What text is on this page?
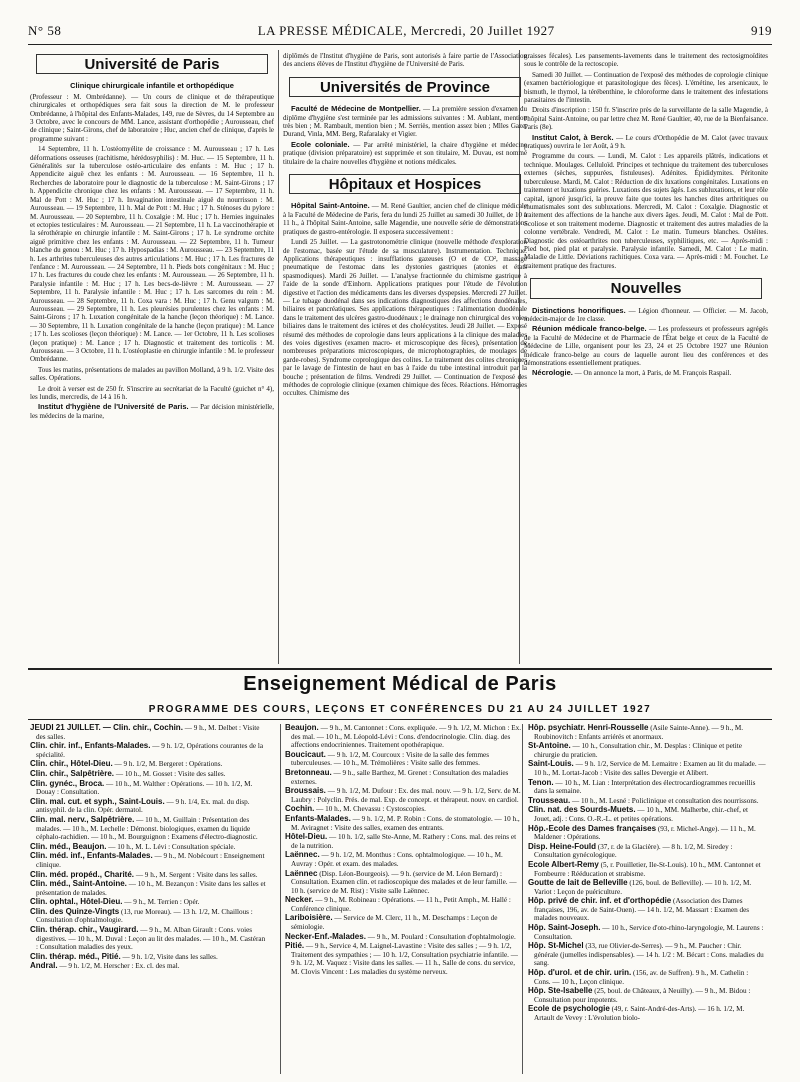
N° 58	LA PRESSE MÉDICALE, Mercredi, 20 Juillet 1927	919
Université de Paris

Clinique chirurgicale infantile et orthopédique

(Professeur : M. Ombrédanne). — Un cours de clinique et de thérapeutique chirurgicales et orthopédiques sera fait sous la direction de M. le professeur Ombrédanne, à l'hôpital des Enfants-Malades, 149, rue de Sèvres, du 14 Septembre au 3 Octobre, avec le concours de MM. Lance, assistant d'orthopédie ; Aurousseau, chef de clinique ; Saint-Girons, chef de laboratoire ; Huc, ancien chef de clinique, d'après le programme suivant :

14 Septembre, 11 h. L'ostéomyélite de croissance : M. Aurousseau ; 17 h. Les déformations osseuses (rachitisme, hérédosyphilis) : M. Huc. — 15 Septembre, 11 h. Généralités sur la tuberculose ostéo-articulaire des enfants : M. Huc ; 17 h. Appendicite aiguë chez les enfants : M. Aurousseau. — 16 Septembre, 11 h. Recherches de laboratoire pour le diagnostic de la tuberculose : M. Saint-Girons ; 17 h. Appendicite chronique chez les enfants : M. Aurousseau. — 17 Septembre, 11 h. Mal de Pott : M. Huc ; 17 h. Invagination intestinale aiguë du nourrisson : M. Aurousseau. — 19 Septembre, 11 h. Mal de Pott : M. Huc ; 17 h. Sténoses du pylore : M. Aurousseau. — 20 Septembre, 11 h. Coxalgie : M. Huc ; 17 h. Hernies inguinales et ectopies testiculaires : M. Aurousseau. — 21 Septembre, 11 h. La vaccinothérapie et la sérothérapie en chirurgie infantile : M. Saint-Girons ; 17 h. Le syndrome orchite aiguë primitive chez les enfants : M. Aurousseau. — 22 Septembre, 11 h. Tumeur blanche du genou : M. Huc ; 17 h. Hypospadias : M. Aurousseau. — 23 Septembre, 11 h. Les arthrites tuberculeuses des autres articulations : M. Huc ; 17 h. Les fractures de l'enfance : M. Aurousseau. — 24 Septembre, 11 h. Pieds bots congénitaux : M. Huc ; 17 h. Les fractures du coude chez les enfants : M. Aurousseau. — 26 Septembre, 11 h. Paralysie infantile : M. Huc ; 17 h. Les becs-de-lièvre : M. Aurousseau. — 27 Septembre, 11 h. Paralysie infantile : M. Huc ; 17 h. Les sarcomes du rein : M. Aurousseau. — 28 Septembre, 11 h. Coxa vara : M. Huc ; 17 h. Genu valgum : M. Aurousseau. — 29 Septembre, 11 h. Les pleurésies purulentes chez les enfants : M. Saint-Girons ; 17 h. Luxation congénitale de la hanche (leçon théorique) : M. Lance. — 30 Septembre, 11 h. Luxation congénitale de la hanche (leçon pratique) : M. Lance ; 17 h. Les scolioses (leçon théorique) : M. Lance. — 1er Octobre, 11 h. Les scolioses (leçon pratique) : M. Lance ; 17 h. Diagnostic et traitement des torticolis : M. Aurousseau. — 3 Octobre, 11 h. L'ostéoplastie en chirurgie infantile : M. le professeur Ombrédanne.

Tous les matins, présentations de malades au pavillon Molland, à 9 h. 1/2. Visite des salles. Opérations.

Le droit à verser est de 250 fr. S'inscrire au secrétariat de la Faculté (guichet n° 4), les lundis, mercredis, de 14 à 16 h.

Institut d'hygiène de l'Université de Paris. — Par décision ministérielle, les médecins de la marine,

diplômés de l'Institut d'hygiène de Paris, sont autorisés à faire partie de l'Association des anciens élèves de l'Institut d'hygiène de l'Université de Paris.

Universités de Province

Faculté de Médecine de Montpellier. — La première session d'examen du diplôme d'hygiène s'est terminée par les admissions suivantes : M. Aublant, mention très bien ; M. Rambault, mention bien ; M. Serriès, mention assez bien ; Mlles Gaze, Durand, Vinla, MM. Berg, Rafaralaky et Vigier.

Ecole coloniale. — Par arrêté ministériel, la chaire d'hygiène et médecine pratique (division préparatoire) est supprimée et son titulaire, M. Duvau, est nommé titulaire de la chaire nouvelles d'hygiène et notions médicales.

Hôpitaux et Hospices

Hôpital Saint-Antoine. — M. René Gaultier, ancien chef de clinique médicale à la Faculté de Médecine de Paris, fera du lundi 25 Juillet au samedi 30 Juillet, de 10 à 11 h., à l'hôpital Saint-Antoine, salle Magendie, une nouvelle série de démonstrations pratiques de gastro-entérologie. Il exposera successivement :

Lundi 25 Juillet. — La gastrotonométrie clinique (nouvelle méthode d'exploration de l'estomac, basée sur l'étude de sa musculature). Instrumentation. Technique. Applications thérapeutiques : insufflations gazeuses (O et de CO², massage pneumatique de l'estomac dans les dystonies gastriques (atonies et états spasmodiques). Mardi 26 Juillet. — L'analyse fractionnée du chimisme gastrique à l'aide de la sonde d'Einhorn. Applications pratiques pour l'étude de l'évolution digestive et l'action des médicaments dans les diverses dyspepsies. Mercredi 27 Juillet. — Le tubage duodénal dans ses indications diagnostiques des affections duodénales, biliaires et pancréatiques. Ses applications thérapeutiques : l'alimentation duodénale dans le traitement des ulcères gastro-duodénaux ; le drainage non chirurgical des voies biliaires dans le traitement des ictères et des cholécystites. Jeudi 28 Juillet. — Exposé résumé des méthodes de coprologie dans leurs applications à la clinique des maladies des voies digestives (examen macro- et microscopique des fèces), présentation de nombreuses préparations microscopiques, de microphotographies, de moulages de garde-robes). Syndrome coprologique des colites. Le traitement des colites chroniques par le lavage de l'intestin de haut en bas à l'aide du tube intestinal introduit par la bouche ; présentation de films. Vendredi 29 Juillet. — Continuation de l'exposé des méthodes de coprologie clinique (examen chimique des fèces. Réactions. Hémorragies occultes. Chimisme des

graisses fécales). Les pansements-lavements dans le traitement des rectosigmoïdites sous le contrôle de la rectoscopie.

Samedi 30 Juillet. — Continuation de l'exposé des méthodes de coprologie clinique (examen bactériologique et parasitologique des fèces). L'émétine, les arsenicaux, le bismuth, le thymol, la térébenthine, le chloroforme dans le traitement des infestations parasitaires de l'intestin.

Droits d'inscription : 150 fr. S'inscrire près de la surveillante de la salle Magendie, à l'hôpital Saint-Antoine, ou par lettre chez M. René Gaultier, 40, rue de la Bienfaisance. Paris (8e).

Institut Calot, à Berck. — Le cours d'Orthopédie de M. Calot (avec travaux pratiques) ouvrira le 1er Août, à 9 h.

Programme du cours. — Lundi, M. Calot : Les appareils plâtrés, indications et technique. Moulages. Celluloïd. Principes et technique du traitement des tuberculoses externes (sèches, suppurées, fistuleuses). Adénites. Épididymites. Péritonite tuberculeuse. Mardi, M. Calot : Réduction de dix luxations congénitales. Luxations en traitement et luxations guéries. Luxations des sujets âgés. Les subluxations, et leur rôle capital, ignoré jusqu'ici, la preuve faite que toutes les hanches dites arthritiques ou rhumatismales sont des subluxations. Mercredi, M. Calot : Coxalgie. Diagnostic et traitement des affections de la hanche aux divers âges. Jeudi, M. Calot : Mal de Pott. Scoliose et son traitement moderne. Diagnostic et traitement des autres maladies de la colonne vertébrale. Vendredi, M. Calot : Le matin. Tumeurs blanches. Ostéites. Diagnostic des ostéoarthrites non tuberculeuses, syphilitiques, etc. — Après-midi : Pied bot, pied plat et paralysie. Paralysie infantile. Samedi, M. Calot : Le matin. Maladie de Little. Déviations rachitiques. Coxa vara. — Après-midi : M. Fouchet. Le traitement pratique des fractures.

Nouvelles

Distinctions honorifiques. — Légion d'honneur. — Officier. — M. Jacob, médecin-major de 1re classe.

Réunion médicale franco-belge. — Les professeurs et professeurs agrégés de la Faculté de Médecine et de Pharmacie de l'État belge et ceux de la Faculté de Médecine de Lille, organisent pour les 23, 24 et 25 Octobre 1927 une Réunion médicale franco-belge au cours de laquelle auront lieu des conférences et des démonstrations essentiellement pratiques.

Nécrologie. — On annonce la mort, à Paris, de M. François Raspail.

Enseignement Médical de Paris
PROGRAMME DES COURS, LEÇONS ET CONFÉRENCES DU 21 AU 24 JUILLET 1927
JEUDI 21 JUILLET. — Clin. chir., Cochin. — 9 h., M. Delbet : Visite des salles.
Clin. chir. inf., Enfants-Malades. — 9 h. 1/2, Opérations courantes de la spécialité.
Clin. chir., Hôtel-Dieu. — 9 h. 1/2, M. Bergeret : Opérations.
Clin. chir., Salpêtrière. — 10 h., M. Gosset : Visite des salles.
Clin. gynéc., Broca. — 10 h., M. Walther : Opérations. — 10 h. 1/2, M. Douay : Consultation.
Clin. mal. cut. et syph., Saint-Louis. — 9 h. 1/4, Ex. mal. du disp. antisyphil. de la clin. Opér. dermatol.
Clin. mal. nerv., Salpêtrière. — 10 h., M. Guillain : Présentation des malades. — 10 h., M. Lechelle : Démonst. biologiques, examen du liquide céphalo-rachidien. — 10 h., M. Bourguignon : Examens d'électro-diagnostic.
Clin. méd., Beaujon. — 10 h., M. L. Lévi : Consultation spéciale.
Clin. méd. inf., Enfants-Malades. — 9 h., M. Nobécourt : Enseignement clinique.
Clin. méd. propéd., Charité. — 9 h., M. Sergent : Visite dans les salles.
Clin. méd., Saint-Antoine. — 10 h., M. Bezançon : Visite dans les salles et présentation de malades.
Clin. ophtal., Hôtel-Dieu. — 9 h., M. Terrien : Opér.
Clin. des Quinze-Vingts (13, rue Moreau). — 13 h. 1/2, M. Chaillous : Consultation d'ophtalmologie.
Clin. thérap. chir., Vaugirard. — 9 h., M. Alban Girault : Cons. voies digestives. — 10 h., M. Duval : Leçon au lit des malades. — 10 h., M. Castéran : Consultation maladies des yeux.
Clin. thérap. méd., Pitié. — 9 h. 1/2, Visite dans les salles.
Andral. — 9 h. 1/2, M. Herscher : Ex. cl. des mal.
Beaujon. — 9 h., M. Cantonnet : Cons. expliquée. — 9 h. 1/2, M. Michon : Ex. des mal. — 10 h., M. Léopold-Lévi : Cons. d'endocrinologie. Clin. diag. des affections endocriniennes. Traitement opothérapique.
Boucicaut. — 9 h. 1/2, M. Courcoux : Visite de la salle des femmes tuberculeuses. — 10 h., M. Trémolières : Visite salle des femmes.
Bretonneau. — 9 h., salle Barthez, M. Grenet : Consultation des maladies externes.
Broussais. — 9 h. 1/2, M. Dufour : Ex. des mal. nouv. — 9 h. 1/2, Serv. de M. Laubry : Polyclin. Prés. de mal. Exp. de concept. et thérapeut. nouv. en cardiol.
Cochin. — 10 h., M. Chevassu : Cystoscopies.
Enfants-Malades. — 9 h. 1/2, M. P. Robin : Cons. de stomatologie. — 10 h., M. Aviragnet : Visite des salles, examen des entrants.
Hôtel-Dieu. — 10 h. 1/2, salle Ste-Anne, M. Rathery : Cons. mal. des reins et de la nutrition.
Laënnec. — 9 h. 1/2, M. Monthus : Cons. ophtalmologique. — 10 h., M. Auvray : Opér. et exam. des malades.
Laënnec (Disp. Léon-Bourgeois). — 9 h. (service de M. Léon Bernard) : Consultation. Examen clin. et radioscopique des malades et de leur famille. — 10 h. (service de M. Rist) : Visite salle Laënnec.
Necker. — 9 h., M. Robineau : Opérations. — 11 h., Petit Amph., M. Hallé : Conférence clinique.
Lariboisière. — Service de M. Clerc, 11 h., M. Deschamps : Leçon de sémiologie.
Necker-Enf.-Malades. — 9 h., M. Poulard : Consultation d'ophtalmologie.
Pitié. — 9 h., Service 4, M. Laignel-Lavastine : Visite des salles ; — 9 h. 1/2, Traitement des sympathies ; — 10 h. 1/2, Consultation psychiatrie infantile. — 9 h. 1/2, M. Vaquez : Visite dans les salles. — 11 h., Salle de cons. du service, M. Clovis Vincent : Les maladies du système nerveux.
Hôp. psychiatr. Henri-Rousselle (Asile Sainte-Anne). — 9 h., M. Roubinovitch : Enfants arriérés et anormaux.
St-Antoine. — 10 h., Consultation chir., M. Desplas : Clinique et petite chirurgie du praticien.
Saint-Louis. — 9 h. 1/2, Service de M. Lemaitre : Examen au lit du malade. — 10 h., M. Lortat-Jacob : Visite des salles Devergie et Alibert.
Tenon. — 10 h., M. Lian : Interprétation des électrocardiogrammes recueillis dans la semaine.
Trousseau. — 10 h., M. Lesné : Policlinique et consultation des nourrissons.
Clin. nat. des Sourds-Muets. — 10 h., MM. Malherbe, chir.-chef, et Jouet, adj. : Cons. O.-R.-L. et petites opérations.
Hôp.-Ecole des Dames françaises (93, r. Michel-Ange). — 11 h., M. Maldener : Opérations.
Disp. Heine-Fould (37, r. de la Glacière). — 8 h. 1/2, M. Siredey : Consultation gynécologique.
Ecole Albert-Remy (5, r. Pouilletier, Ile-St-Louis). 10 h., MM. Cantonnet et Fombeurre : Rééducation et strabisme.
Goutte de lait de Belleville (126, boul. de Belleville). — 10 h. 1/2, M. Variot : Leçon de puériculture.
Hôp. privé de chir. inf. et d'orthopédie (Association des Dames françaises, 196, av. de Saint-Ouen). — 14 h. 1/2, M. Massart : Examen des malades nouveaux.
Hôp. Saint-Joseph. — 10 h., Service d'oto-rhino-laryngologie, M. Laurens : Consultation.
Hôp. St-Michel (33, rue Olivier-de-Serres). — 9 h., M. Paucher : Chir. générale (jumelles indispensables). — 14 h. 1/2 : M. Bécart : Cons. maladies du sang.
Hôp. d'urol. et de chir. urin. (156, av. de Suffren). 9 h., M. Cathelin : Cons. — 10 h., Leçon clinique.
Hôp. Ste-Isabelle (25, boul. de Châteaux, à Neuilly). — 9 h., M. Bidou : Consultation pour impotents.
Ecole de psychologie (49, r. Saint-André-des-Arts). — 16 h. 1/2, M. Artault de Vevey : L'évolution biolo-
